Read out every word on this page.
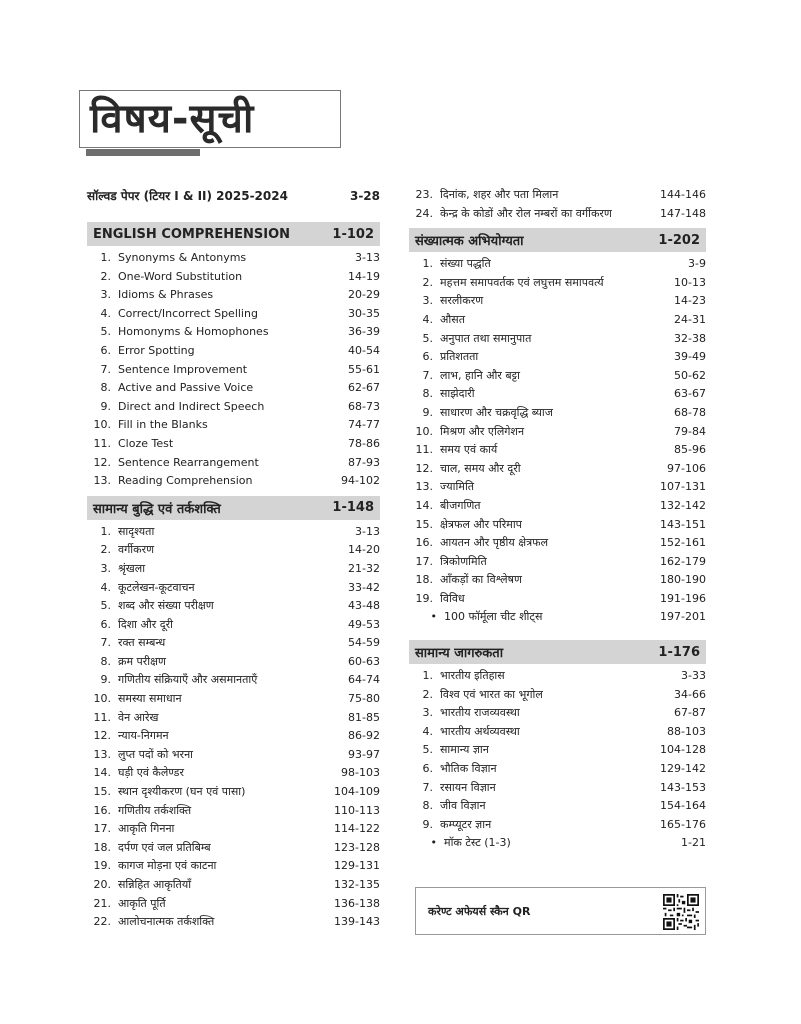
विषय-सूची
सॉल्वड पेपर (टियर I & II) 2025-2024	3-28
ENGLISH COMPREHENSION	1-102
1. Synonyms & Antonyms	3-13
2. One-Word Substitution	14-19
3. Idioms & Phrases	20-29
4. Correct/Incorrect Spelling	30-35
5. Homonyms & Homophones	36-39
6. Error Spotting	40-54
7. Sentence Improvement	55-61
8. Active and Passive Voice	62-67
9. Direct and Indirect Speech	68-73
10. Fill in the Blanks	74-77
11. Cloze Test	78-86
12. Sentence Rearrangement	87-93
13. Reading Comprehension	94-102
सामान्य बुद्धि एवं तर्कशक्ति	1-148
1. सादृश्यता	3-13
2. वर्गीकरण	14-20
3. श्रृंखला	21-32
4. कूटलेखन-कूटवाचन	33-42
5. शब्द और संख्या परीक्षण	43-48
6. दिशा और दूरी	49-53
7. रक्त सम्बन्ध	54-59
8. क्रम परीक्षण	60-63
9. गणितीय संक्रियाएँ और असमानताएँ	64-74
10. समस्या समाधान	75-80
11. वेन आरेख	81-85
12. न्याय-निगमन	86-92
13. लुप्त पदों को भरना	93-97
14. घड़ी एवं कैलेण्डर	98-103
15. स्थान दृश्यीकरण (घन एवं पासा)	104-109
16. गणितीय तर्कशक्ति	110-113
17. आकृति गिनना	114-122
18. दर्पण एवं जल प्रतिबिम्ब	123-128
19. कागज मोड़ना एवं काटना	129-131
20. सन्निहित आकृतियाँ	132-135
21. आकृति पूर्ति	136-138
22. आलोचनात्मक तर्कशक्ति	139-143
23. दिनांक, शहर और पता मिलान	144-146
24. केन्द्र के कोडों और रोल नम्बरों का वर्गीकरण	147-148
संख्यात्मक अभियोग्यता	1-202
1. संख्या पद्धति	3-9
2. महत्तम समापवर्तक एवं लघुत्तम समापवर्त्य	10-13
3. सरलीकरण	14-23
4. औसत	24-31
5. अनुपात तथा समानुपात	32-38
6. प्रतिशतता	39-49
7. लाभ, हानि और बट्टा	50-62
8. साझेदारी	63-67
9. साधारण और चक्रवृद्धि ब्याज	68-78
10. मिश्रण और एलिगेशन	79-84
11. समय एवं कार्य	85-96
12. चाल, समय और दूरी	97-106
13. ज्यामिति	107-131
14. बीजगणित	132-142
15. क्षेत्रफल और परिमाप	143-151
16. आयतन और पृष्ठीय क्षेत्रफल	152-161
17. त्रिकोणमिति	162-179
18. आँकड़ों का विश्लेषण	180-190
19. विविध	191-196
• 100 फॉर्मूला चीट शीट्स	197-201
सामान्य जागरुकता	1-176
1. भारतीय इतिहास	3-33
2. विश्व एवं भारत का भूगोल	34-66
3. भारतीय राजव्यवस्था	67-87
4. भारतीय अर्थव्यवस्था	88-103
5. सामान्य ज्ञान	104-128
6. भौतिक विज्ञान	129-142
7. रसायन विज्ञान	143-153
8. जीव विज्ञान	154-164
9. कम्प्यूटर ज्ञान	165-176
• मॉक टेस्ट (1-3)	1-21
करेण्ट अफेयर्स स्कैन QR
